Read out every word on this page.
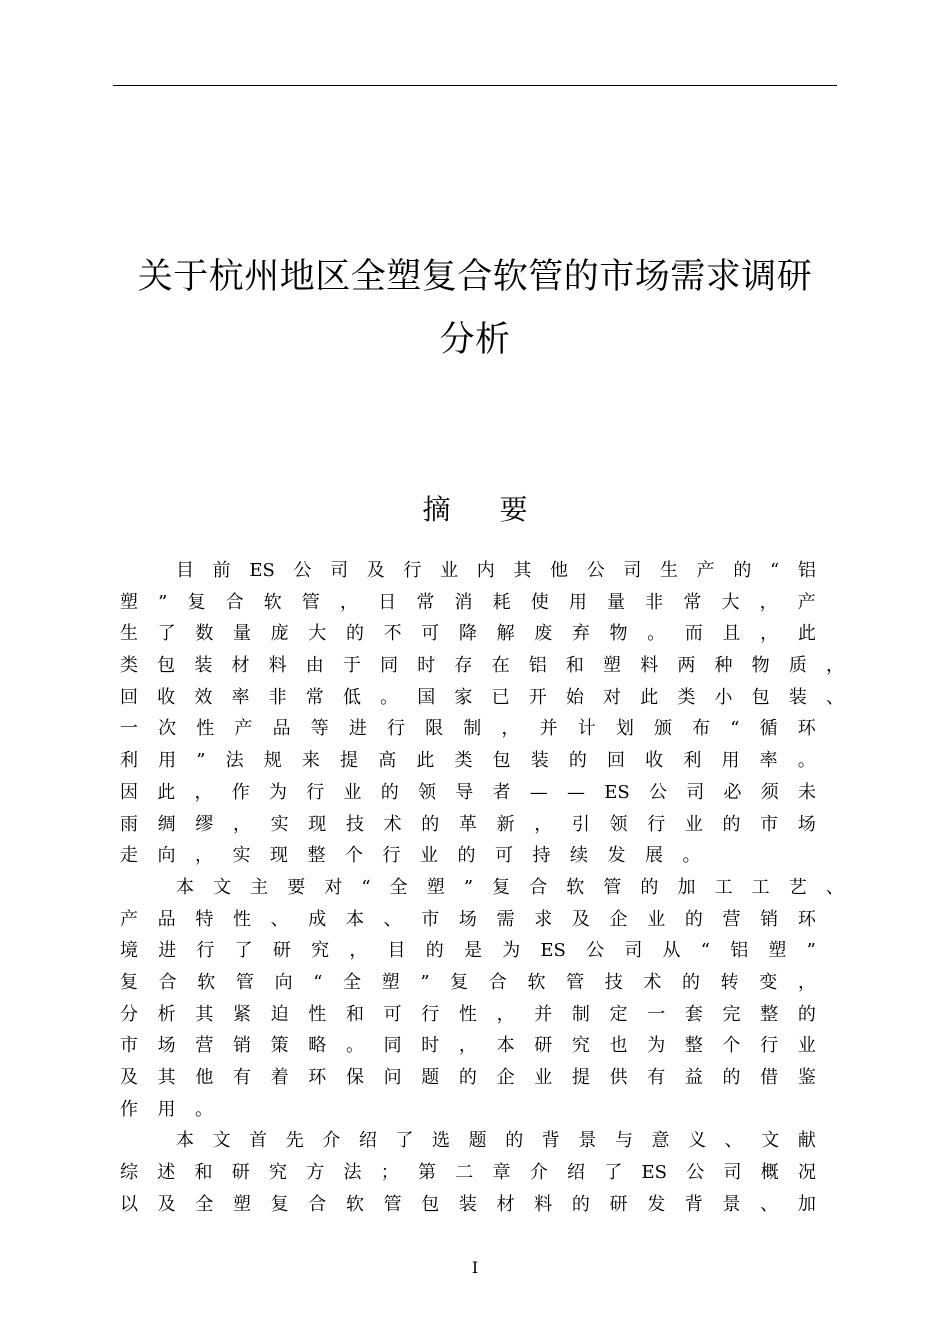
关于杭州地区全塑复合软管的市场需求调研
分析
摘 要
目 前 ES 公 司 及 行 业 内 其 他 公 司 生 产 的 “ 铝
塑 ” 复 合 软 管 ， 日 常 消 耗 使 用 量 非 常 大 ， 产
生 了 数 量 庞 大 的 不 可 降 解 废 弃 物 。 而 且 ， 此
类 包 装 材 料 由 于 同 时 存 在 铝 和 塑 料 两 种 物 质 ，
回 收 效 率 非 常 低 。 国 家 已 开 始 对 此 类 小 包 装 、
一 次 性 产 品 等 进 行 限 制 ， 并 计 划 颁 布 “ 循 环
利 用 ” 法 规 来 提 高 此 类 包 装 的 回 收 利 用 率 。
因 此 ， 作 为 行 业 的 领 导 者 — — ES 公 司 必 须 未
雨 绸 缪 ， 实 现 技 术 的 革 新 ， 引 领 行 业 的 市 场
走 向 ， 实 现 整 个 行 业 的 可 持 续 发 展 。
本 文 主 要 对 “ 全 塑 ” 复 合 软 管 的 加 工 工 艺 、
产 品 特 性 、 成 本 、 市 场 需 求 及 企 业 的 营 销 环
境 进 行 了 研 究 ， 目 的 是 为 ES 公 司 从 “ 铝 塑 ”
复 合 软 管 向 “ 全 塑 ” 复 合 软 管 技 术 的 转 变 ，
分 析 其 紧 迫 性 和 可 行 性 ， 并 制 定 一 套 完 整 的
市 场 营 销 策 略 。 同 时 ， 本 研 究 也 为 整 个 行 业
及 其 他 有 着 环 保 问 题 的 企 业 提 供 有 益 的 借 鉴
作 用 。
本 文 首 先 介 绍 了 选 题 的 背 景 与 意 义 、 文 献
综 述 和 研 究 方 法 ； 第 二 章 介 绍 了 ES 公 司 概 况
以 及 全 塑 复 合 软 管 包 装 材 料 的 研 发 背 景 、 加
I
